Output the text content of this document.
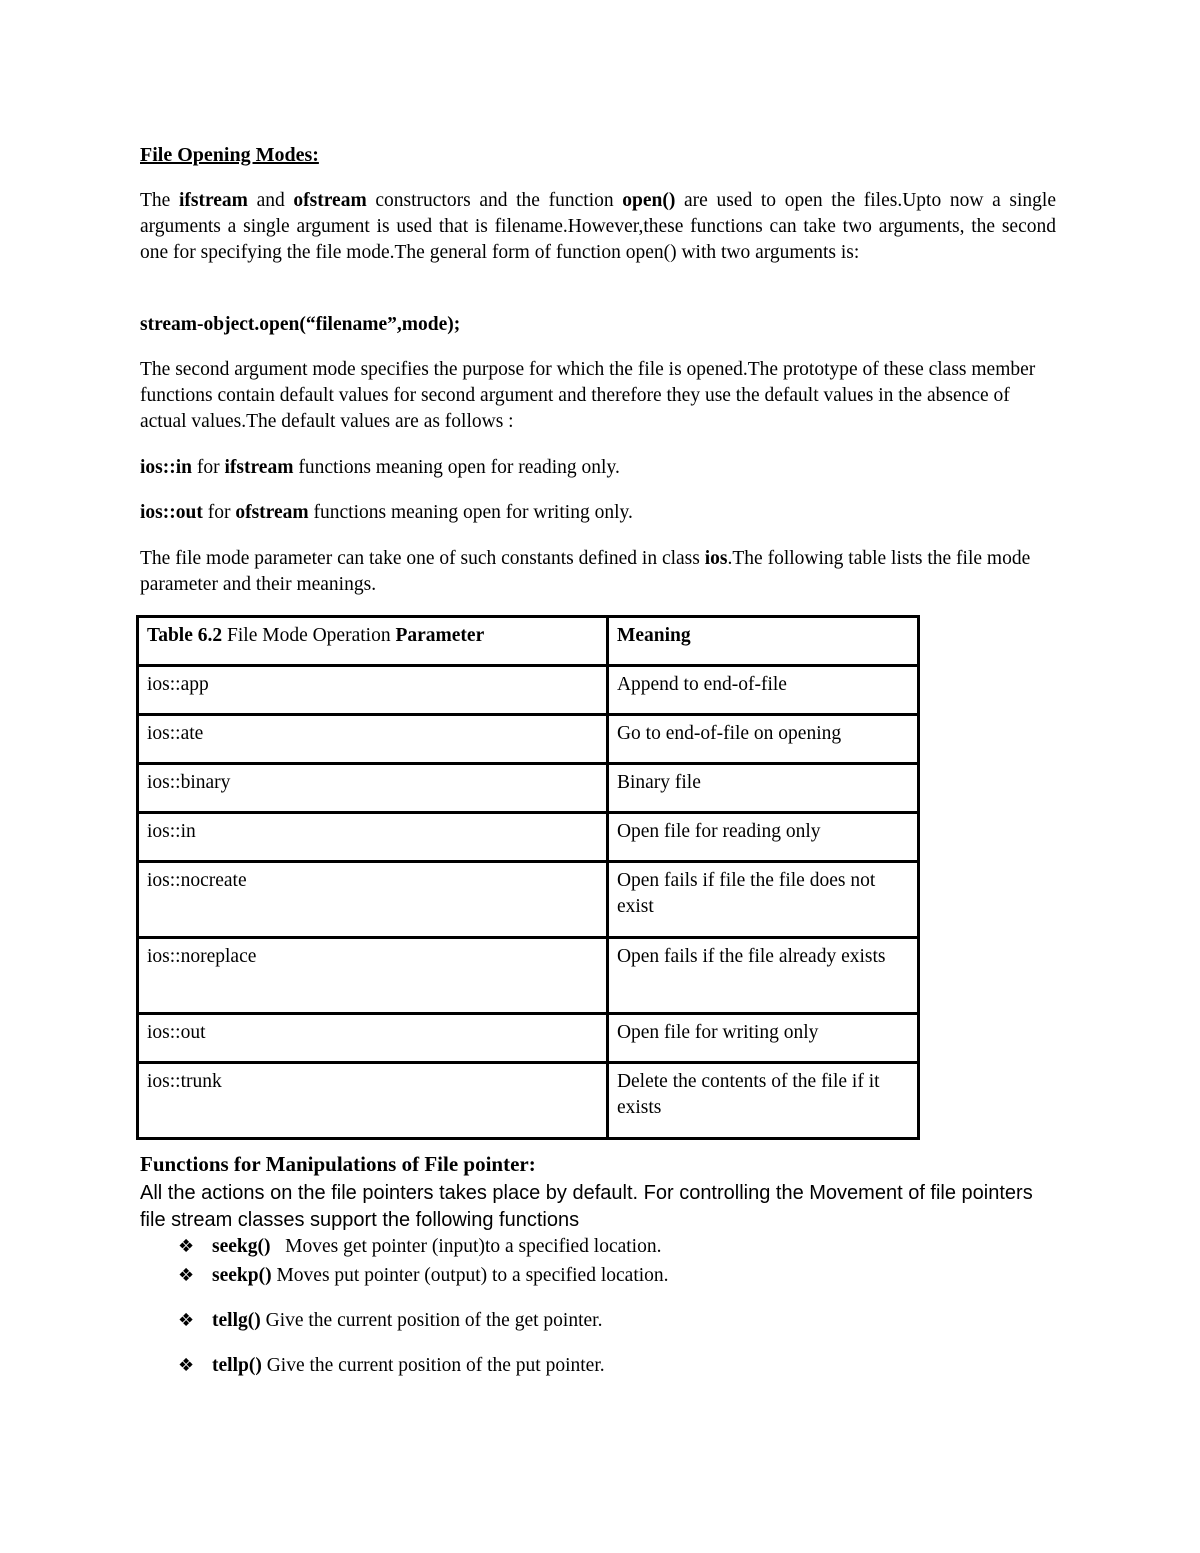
File Opening Modes:

The ifstream and ofstream constructors and the function open() are used to open the files.Upto now a single arguments a single argument is used that is filename.However,these functions can take two arguments, the second one for specifying the file mode.The general form of function open() with two arguments is:

stream-object.open(“filename”,mode);

The second argument mode specifies the purpose for which the file is opened.The prototype of these class member functions contain default values for second argument and therefore they use the default values in the absence of actual values.The default values are as follows :

ios::in for ifstream functions meaning open for reading only.

ios::out for ofstream functions meaning open for writing only.

The file mode parameter can take one of such constants defined in class ios.The following table lists the file mode parameter and their meanings.

Table 6.2 File Mode Operation Parameter	Meaning
ios::app	Append to end-of-file
ios::ate	Go to end-of-file on opening
ios::binary	Binary file
ios::in	Open file for reading only
ios::nocreate	Open fails if file the file does not exist
ios::noreplace	Open fails if the file already exists
ios::out	Open file for writing only
ios::trunk	Delete the contents of the file if it exists

Functions for Manipulations of File pointer:

All the actions on the file pointers takes place by default. For controlling the Movement of file pointers file stream classes support the following functions

❖ seekg()   Moves get pointer (input)to a specified location.
❖ seekp() Moves put pointer (output) to a specified location.
❖ tellg() Give the current position of the get pointer.
❖ tellp() Give the current position of the put pointer.
